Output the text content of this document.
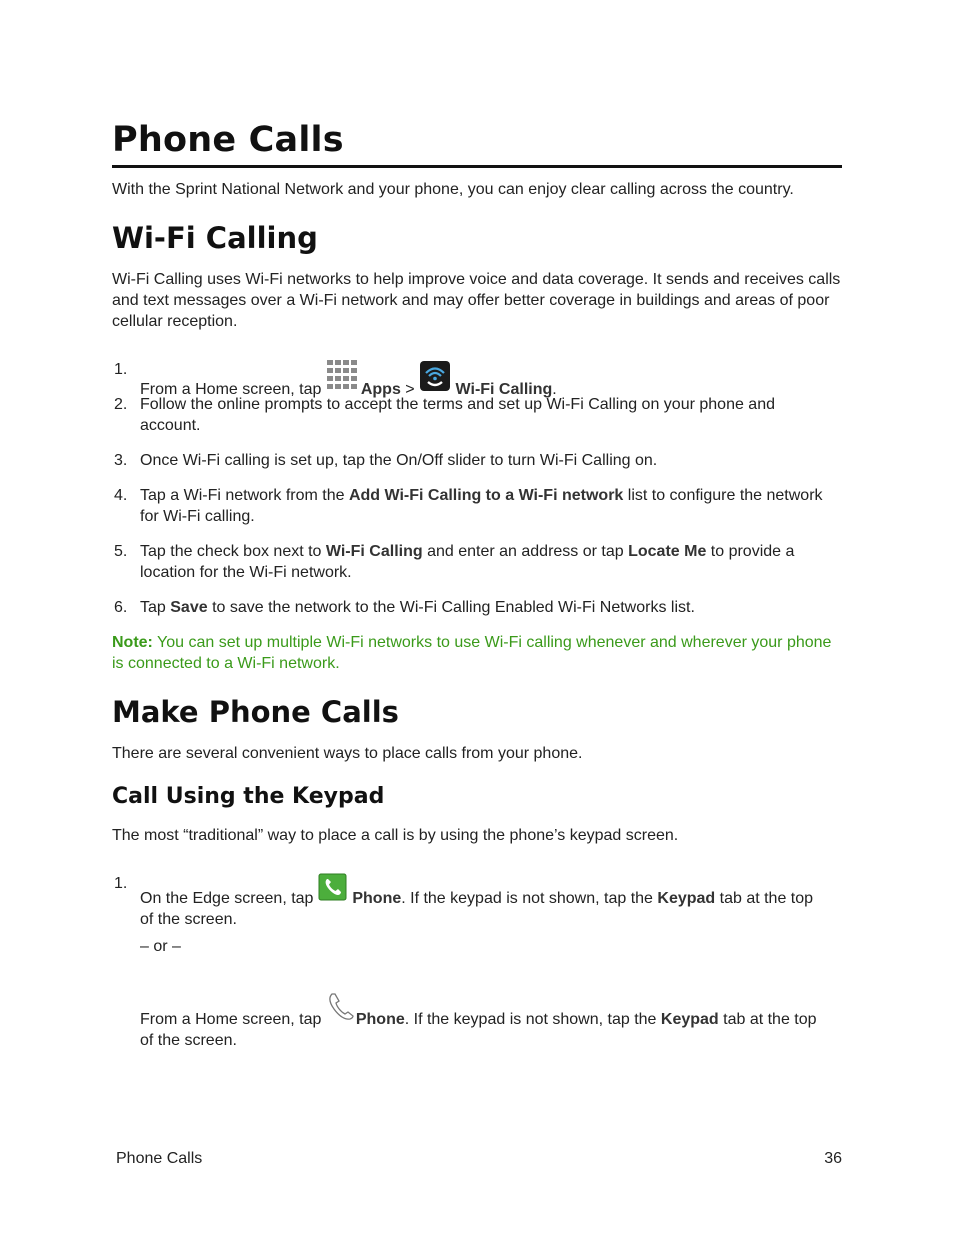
Phone Calls

With the Sprint National Network and your phone, you can enjoy clear calling across the country.

Wi-Fi Calling

Wi-Fi Calling uses Wi-Fi networks to help improve voice and data coverage. It sends and receives calls and text messages over a Wi-Fi network and may offer better coverage in buildings and areas of poor cellular reception.

1.
From a Home screen, tap Apps >  Wi-Fi Calling.
2. Follow the online prompts to accept the terms and set up Wi-Fi Calling on your phone and account.
3. Once Wi-Fi calling is set up, tap the On/Off slider to turn Wi-Fi Calling on.
4. Tap a Wi-Fi network from the Add Wi-Fi Calling to a Wi-Fi network list to configure the network for Wi-Fi calling.
5. Tap the check box next to Wi-Fi Calling and enter an address or tap Locate Me to provide a location for the Wi-Fi network.
6. Tap Save to save the network to the Wi-Fi Calling Enabled Wi-Fi Networks list.
Note: You can set up multiple Wi-Fi networks to use Wi-Fi calling whenever and wherever your phone is connected to a Wi-Fi network.
Make Phone Calls

There are several convenient ways to place calls from your phone.

Call Using the Keypad

The most “traditional” way to place a call is by using the phone’s keypad screen.

1.
On the Edge screen, tap  Phone. If the keypad is not shown, tap the Keypad tab at the top of the screen.
– or –
From a Home screen, tap Phone. If the keypad is not shown, tap the Keypad tab at the top of the screen.
Phone Calls	36
